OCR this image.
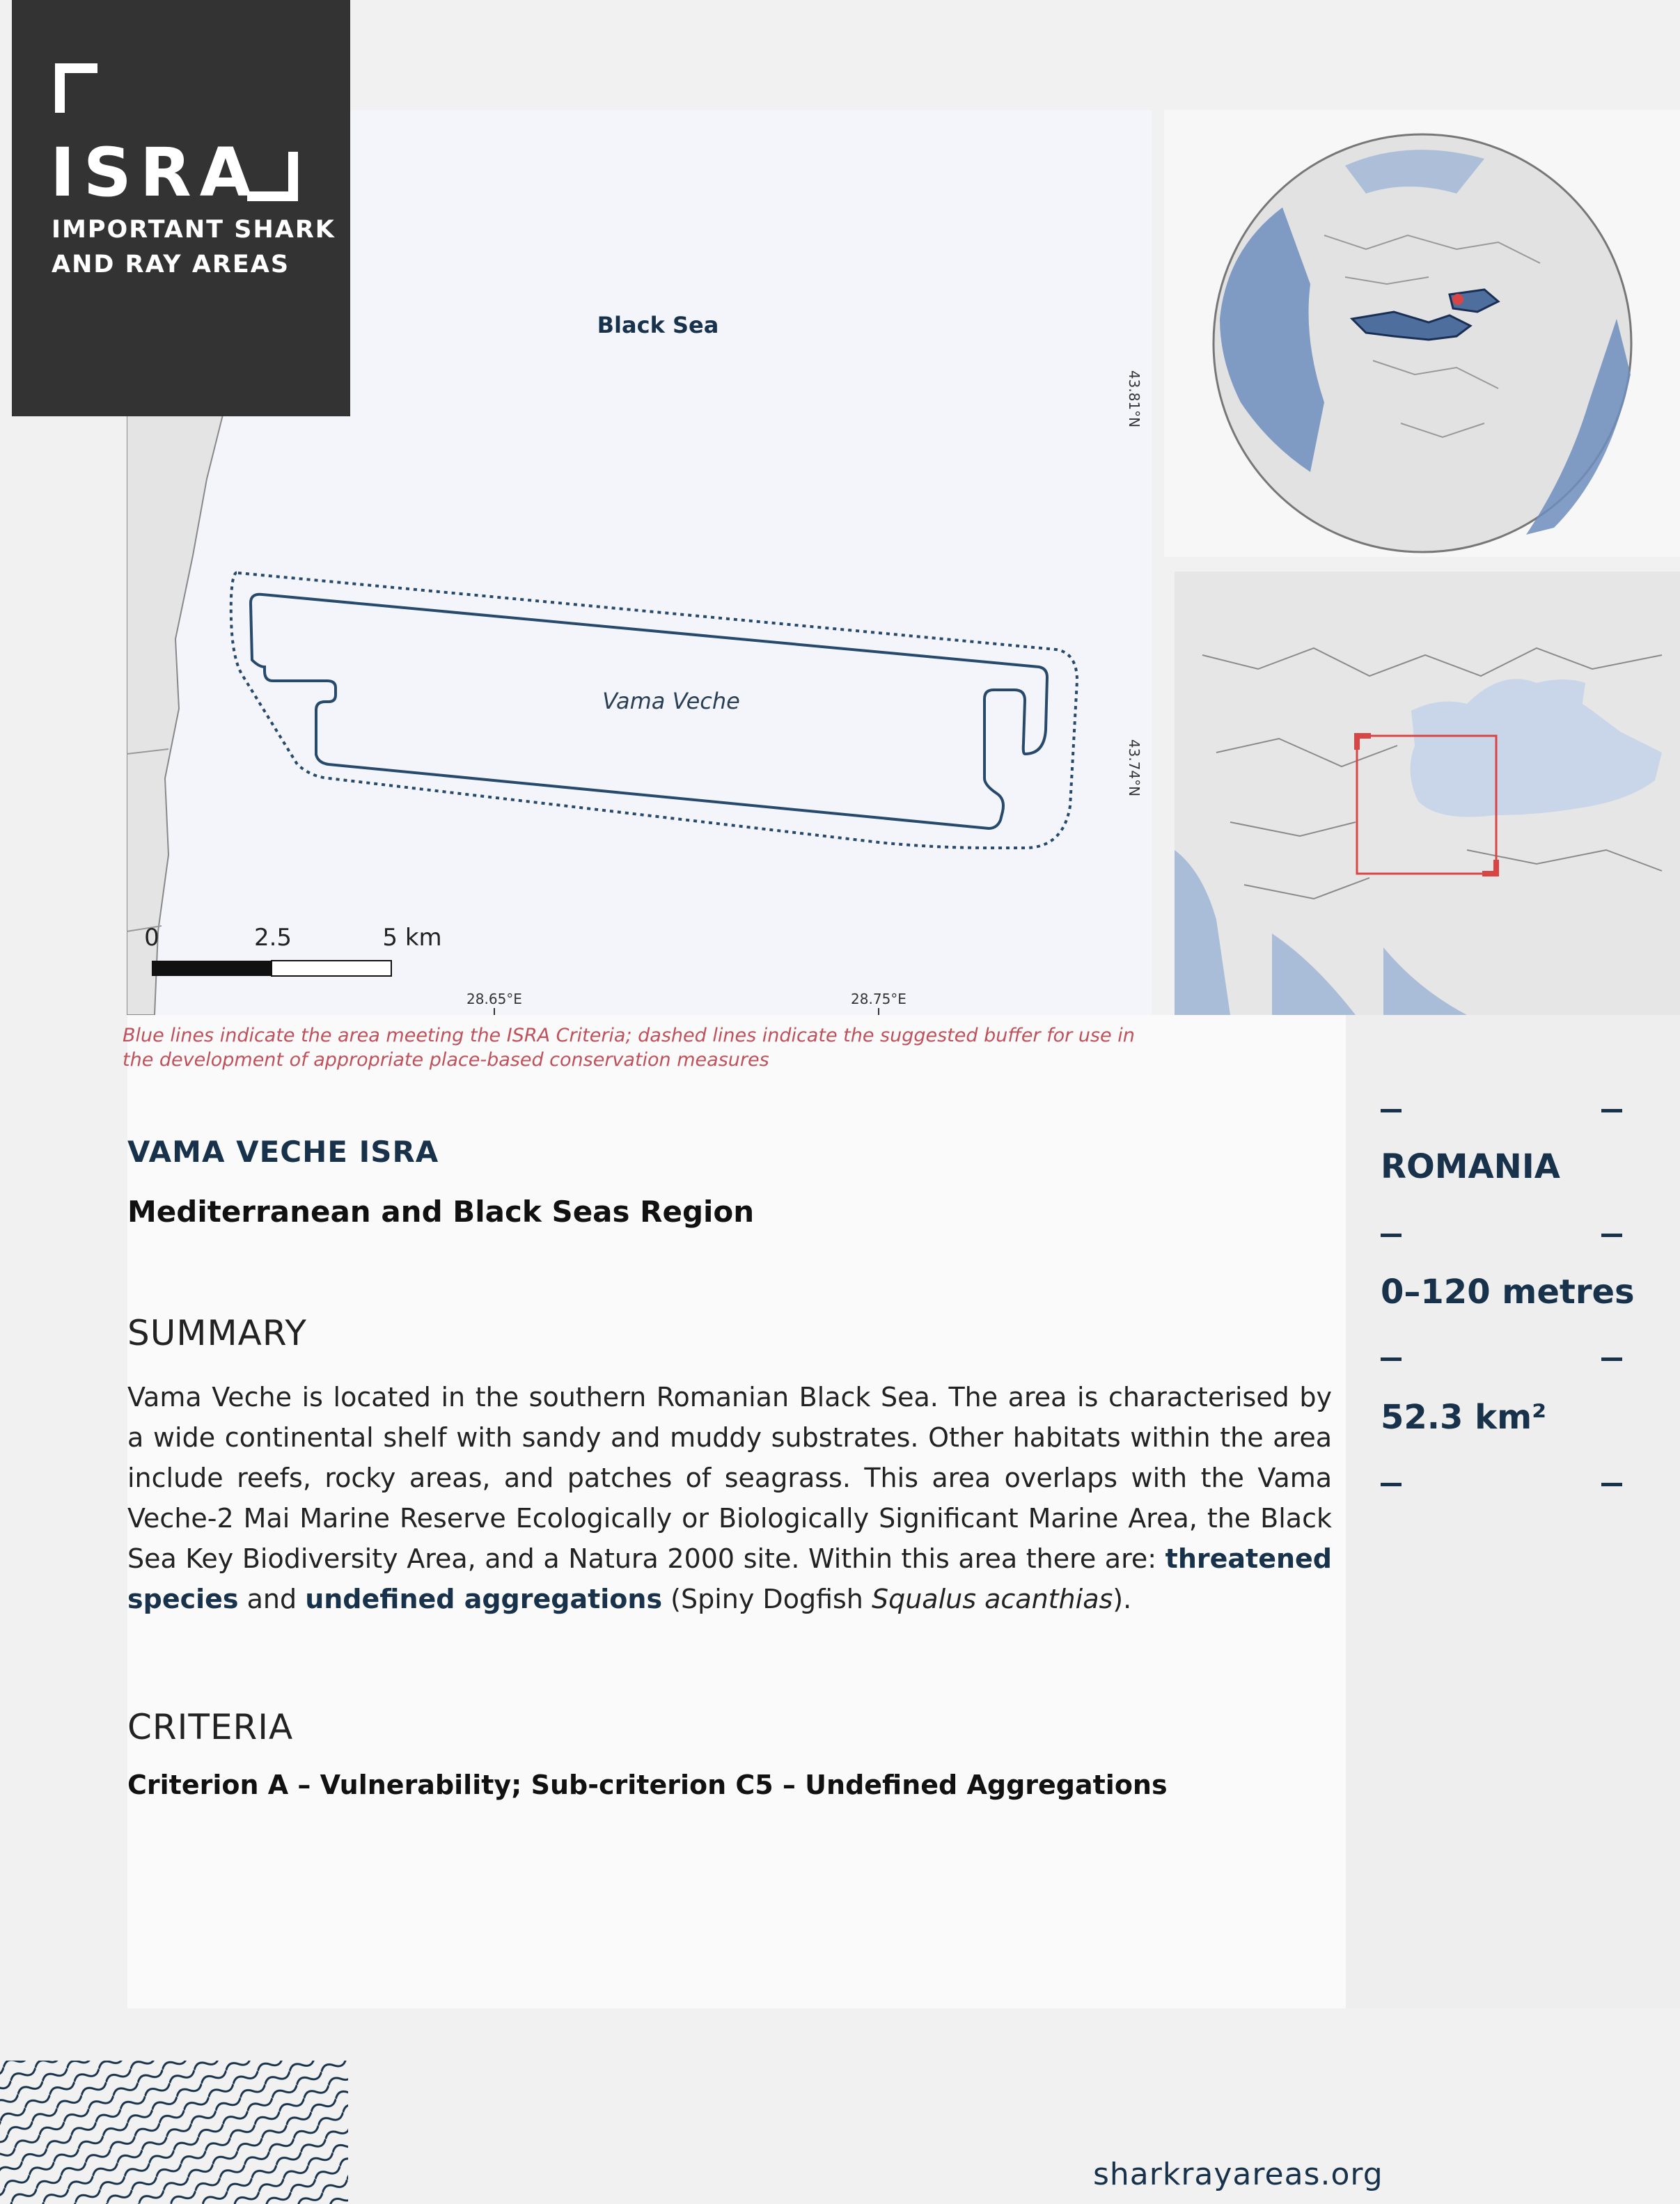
Black Sea
Vama Veche
0	2.5	5 km
28.65°E	28.75°E
43.81°N
43.74°N
ISRA
IMPORTANT SHARK
AND RAY AREAS
Blue lines indicate the area meeting the ISRA Criteria; dashed lines indicate the suggested buffer for use in the development of appropriate place-based conservation measures
VAMA VECHE ISRA
Mediterranean and Black Seas Region
SUMMARY
Vama Veche is located in the southern Romanian Black Sea. The area is characterised by a wide continental shelf with sandy and muddy substrates. Other habitats within the area include reefs, rocky areas, and patches of seagrass. This area overlaps with the Vama Veche-2 Mai Marine Reserve Ecologically or Biologically Significant Marine Area, the Black Sea Key Biodiversity Area, and a Natura 2000 site. Within this area there are: threatened species and undefined aggregations (Spiny Dogfish Squalus acanthias).
CRITERIA
Criterion A – Vulnerability; Sub-criterion C5 – Undefined Aggregations
ROMANIA
0–120 metres
52.3 km²
sharkrayareas.org
